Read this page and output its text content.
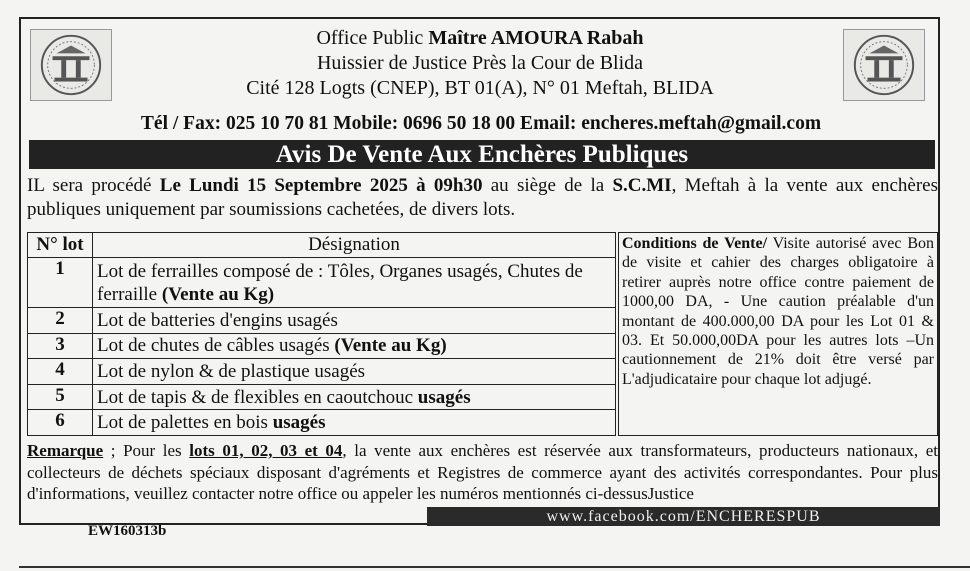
Office Public Maître AMOURA Rabah
Huissier de Justice Près la Cour de Blida
Cité 128 Logts (CNEP), BT 01(A), N° 01 Meftah, BLIDA
Tél / Fax: 025 10 70 81 Mobile: 0696 50 18 00 Email: encheres.meftah@gmail.com
Avis De Vente Aux Enchères Publiques
IL sera procédé Le Lundi 15 Septembre 2025 à 09h30 au siège de la S.C.MI, Meftah à la vente aux enchères publiques uniquement par soumissions cachetées, de divers lots.
N° lot	Désignation
1	Lot de ferrailles composé de : Tôles, Organes usagés, Chutes de ferraille (Vente au Kg)
2	Lot de batteries d'engins usagés
3	Lot de chutes de câbles usagés (Vente au Kg)
4	Lot de nylon & de plastique usagés
5	Lot de tapis & de flexibles en caoutchouc usagés
6	Lot de palettes en bois usagés
Conditions de Vente/ Visite autorisé avec Bon de visite et cahier des charges obligatoire à retirer auprès notre office contre paiement de 1000,00 DA, - Une caution préalable d'un montant de 400.000,00 DA pour les Lot 01 & 03. Et 50.000,00DA pour les autres lots –Un cautionnement de 21% doit être versé par L'adjudicataire pour chaque lot adjugé.
Remarque ; Pour les lots 01, 02, 03 et 04, la vente aux enchères est réservée aux transformateurs, producteurs nationaux, et collecteurs de déchets spéciaux disposant d'agréments et Registres de commerce ayant des activités correspondantes. Pour plus d'informations, veuillez contacter notre office ou appeler les numéros mentionnés ci-dessusJustice
www.facebook.com/ENCHERESPUB
EW160313b
